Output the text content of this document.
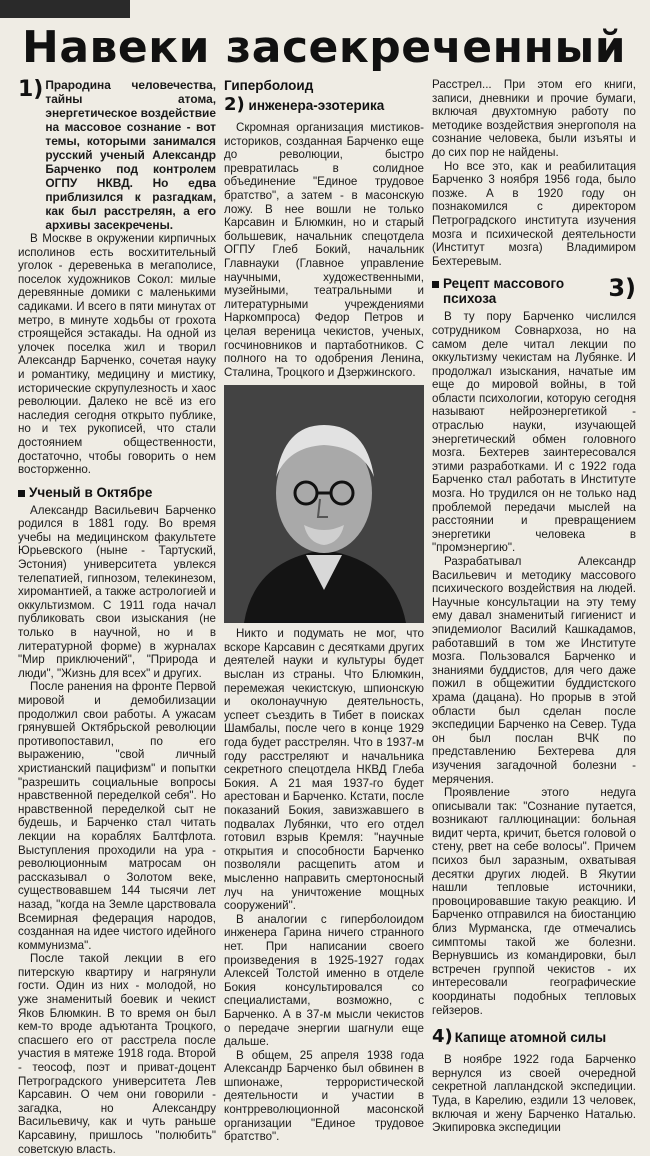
Навеки засекреченный
1) Прародина человечества, тайны атома, энергетическое воздействие на массовое сознание - вот темы, которыми занимался русский ученый Александр Барченко под контролем ОГПУ НКВД. Но едва приблизился к разгадкам, как был расстрелян, а его архивы засекречены.

В Москве в окружении кирпичных исполинов есть восхитительный уголок - деревенька в мегаполисе, поселок художников Сокол: милые деревянные домики с маленькими садиками. И всего в пяти минутах от метро, в минуте ходьбы от грохота строящейся эстакады. На одной из улочек поселка жил и творил Александр Барченко, сочетая науку и романтику, медицину и мистику, исторические скрупулезность и хаос революции. Далеко не всё из его наследия сегодня открыто публике, но и тех рукописей, что стали достоянием общественности, достаточно, чтобы говорить о нем восторженно.

Ученый в Октябре

Александр Васильевич Барченко родился в 1881 году. Во время учебы на медицинском факультете Юрьевского (ныне - Тартуский, Эстония) университета увлекся телепатией, гипнозом, телекинезом, хиромантией, а также астрологией и оккультизмом. С 1911 года начал публиковать свои изыскания (не только в научной, но и в литературной форме) в журналах "Мир приключений", "Природа и люди", "Жизнь для всех" и других.

После ранения на фронте Первой мировой и демобилизации продолжил свои работы. А ужасам грянувшей Октябрьской революции противопоставил, по его выражению, "свой личный христианский пацифизм" и попытки "разрешить социальные вопросы нравственной переделкой себя". Но нравственной переделкой сыт не будешь, и Барченко стал читать лекции на кораблях Балтфлота. Выступления проходили на ура - революционным матросам он рассказывал о Золотом веке, существовавшем 144 тысячи лет назад, "когда на Земле царствовала Всемирная федерация народов, созданная на идее чистого идейного коммунизма".

После такой лекции в его питерскую квартиру и нагрянули гости. Один из них - молодой, но уже знаменитый боевик и чекист Яков Блюмкин. В то время он был кем-то вроде адъютанта Троцкого, спасшего его от расстрела после участия в мятеже 1918 года. Второй - теософ, поэт и приват-доцент Петроградского университета Лев Карсавин. О чем они говорили - загадка, но Александру Васильевичу, как и чуть раньше Карсавину, пришлось "полюбить" советскую власть.

Гиперболоид
2) инженера-эзотерика

Скромная организация мистиков-историков, созданная Барченко еще до революции, быстро превратилась в солидное объединение "Единое трудовое братство", а затем - в масонскую ложу. В нее вошли не только Карсавин и Блюмкин, но и старый большевик, начальник спецотдела ОГПУ Глеб Бокий, начальник Главнауки (Главное управление научными, художественными, музейными, театральными и литературными учреждениями Наркомпроса) Федор Петров и целая вереница чекистов, ученых, госчиновников и партаботников. С полного на то одобрения Ленина, Сталина, Троцкого и Дзержинского.

Никто и подумать не мог, что вскоре Карсавин с десятками других деятелей науки и культуры будет выслан из страны. Что Блюмкин, перемежая чекистскую, шпионскую и околонаучную деятельность, успеет съездить в Тибет в поисках Шамбалы, после чего в конце 1929 года будет расстрелян. Что в 1937-м году расстреляют и начальника секретного спецотдела НКВД Глеба Бокия. А 21 мая 1937-го будет арестован и Барченко. Кстати, после показаний Бокия, завизжавшего в подвалах Лубянки, что его отдел готовил взрыв Кремля: "научные открытия и способности Барченко позволяли расщепить атом и мысленно направить смертоносный луч на уничтожение мощных сооружений".

В аналогии с гиперболоидом инженера Гарина ничего странного нет. При написании своего произведения в 1925-1927 годах Алексей Толстой именно в отделе Бокия консультировался со специалистами, возможно, с Барченко. А в 37-м мысли чекистов о передаче энергии шагнули еще дальше.

В общем, 25 апреля 1938 года Александр Барченко был обвинен в шпионаже, террористической деятельности и участии в контрреволюционной масонской организации "Единое трудовое братство".

Расстрел... При этом его книги, записи, дневники и прочие бумаги, включая двухтомную работу по методике воздействия энергополя на сознание человека, были изъяты и до сих пор не найдены.

Но все это, как и реабилитация Барченко 3 ноября 1956 года, было позже. А в 1920 году он познакомился с директором Петроградского института изучения мозга и психической деятельности (Институт мозга) Владимиром Бехтеревым.

Рецепт массового
психоза	3)

В ту пору Барченко числился сотрудником Совнархоза, но на самом деле читал лекции по оккультизму чекистам на Лубянке. И продолжал изыскания, начатые им еще до мировой войны, в той области психологии, которую сегодня называют нейроэнергетикой - отраслью науки, изучающей энергетический обмен головного мозга. Бехтерев заинтересовался этими разработками. И с 1922 года Барченко стал работать в Институте мозга. Но трудился он не только над проблемой передачи мыслей на расстоянии и превращением энергетики человека в "промэнергию".

Разрабатывал Александр Васильевич и методику массового психического воздействия на людей. Научные консультации на эту тему ему давал знаменитый гигиенист и эпидемиолог Василий Кашкадамов, работавший в том же Институте мозга. Пользовался Барченко и знаниями буддистов, для чего даже пожил в общежитии буддистского храма (дацана). Но прорыв в этой области был сделан после экспедиции Барченко на Север. Туда он был послан ВЧК по представлению Бехтерева для изучения загадочной болезни - мерячения.

Проявление этого недуга описывали так: "Сознание путается, возникают галлюцинации: больная видит черта, кричит, бьется головой о стену, рвет на себе волосы". Причем психоз был заразным, охватывая десятки других людей. В Якутии нашли тепловые источники, провоцировавшие такую реакцию. И Барченко отправился на биостанцию близ Мурманска, где отмечались симптомы такой же болезни. Вернувшись из командировки, был встречен группой чекистов - их интересовали географические координаты подобных тепловых гейзеров.

4) Капище атомной силы

В ноябре 1922 года Барченко вернулся из своей очередной секретной лапландской экспедиции. Туда, в Карелию, ездили 13 человек, включая и жену Барченко Наталью. Экипировка экспедиции
